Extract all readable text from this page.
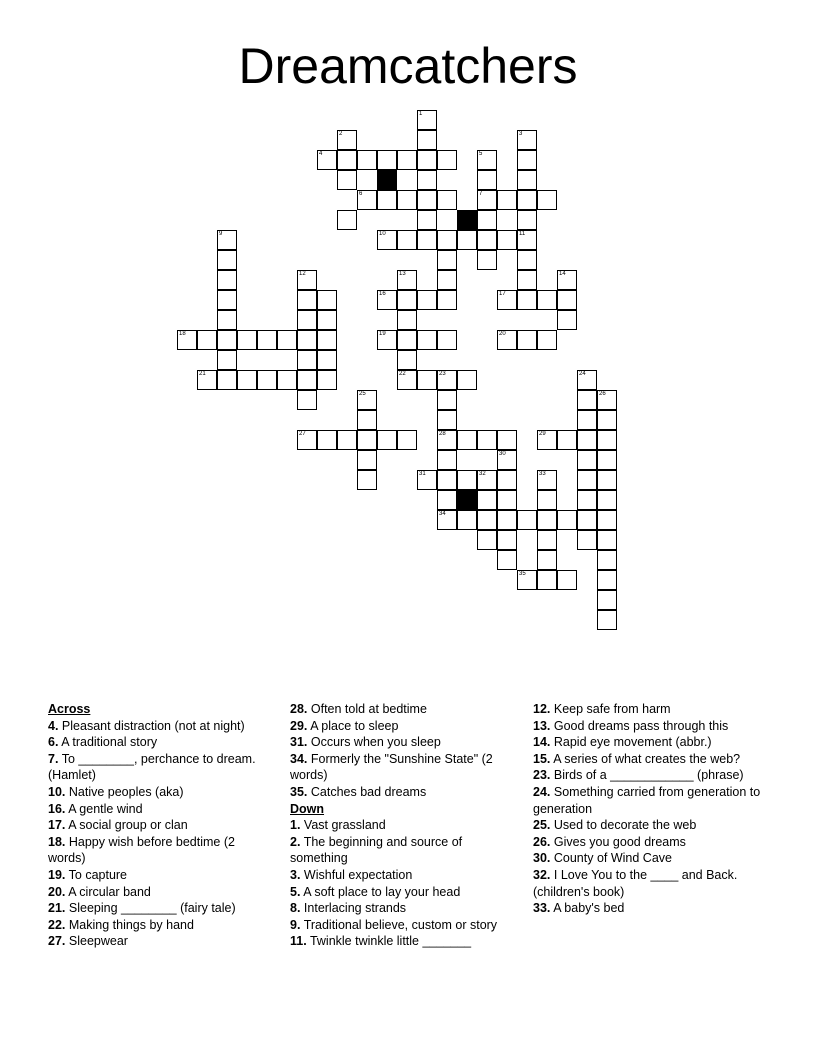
Dreamcatchers
1
2	3
4	5
6	7
9	10	11
12	13	14
16	17
18	19	20
21	22	23	24
25	26
27	28	29
30
31	32	33
34
35
Across
4. Pleasant distraction (not at night)
6. A traditional story
7. To ________, perchance to dream. (Hamlet)
10. Native peoples (aka)
16. A gentle wind
17. A social group or clan
18. Happy wish before bedtime (2 words)
19. To capture
20. A circular band
21. Sleeping ________ (fairy tale)
22. Making things by hand
27. Sleepwear
28. Often told at bedtime
29. A place to sleep
31. Occurs when you sleep
34. Formerly the "Sunshine State" (2 words)
35. Catches bad dreams
Down
1. Vast grassland
2. The beginning and source of something
3. Wishful expectation
5. A soft place to lay your head
8. Interlacing strands
9. Traditional believe, custom or story
11. Twinkle twinkle little _______
12. Keep safe from harm
13. Good dreams pass through this
14. Rapid eye movement (abbr.)
15. A series of what creates the web?
23. Birds of a ____________ (phrase)
24. Something carried from generation to generation
25. Used to decorate the web
26. Gives you good dreams
30. County of Wind Cave
32. I Love You to the ____ and Back. (children's book)
33. A baby's bed
